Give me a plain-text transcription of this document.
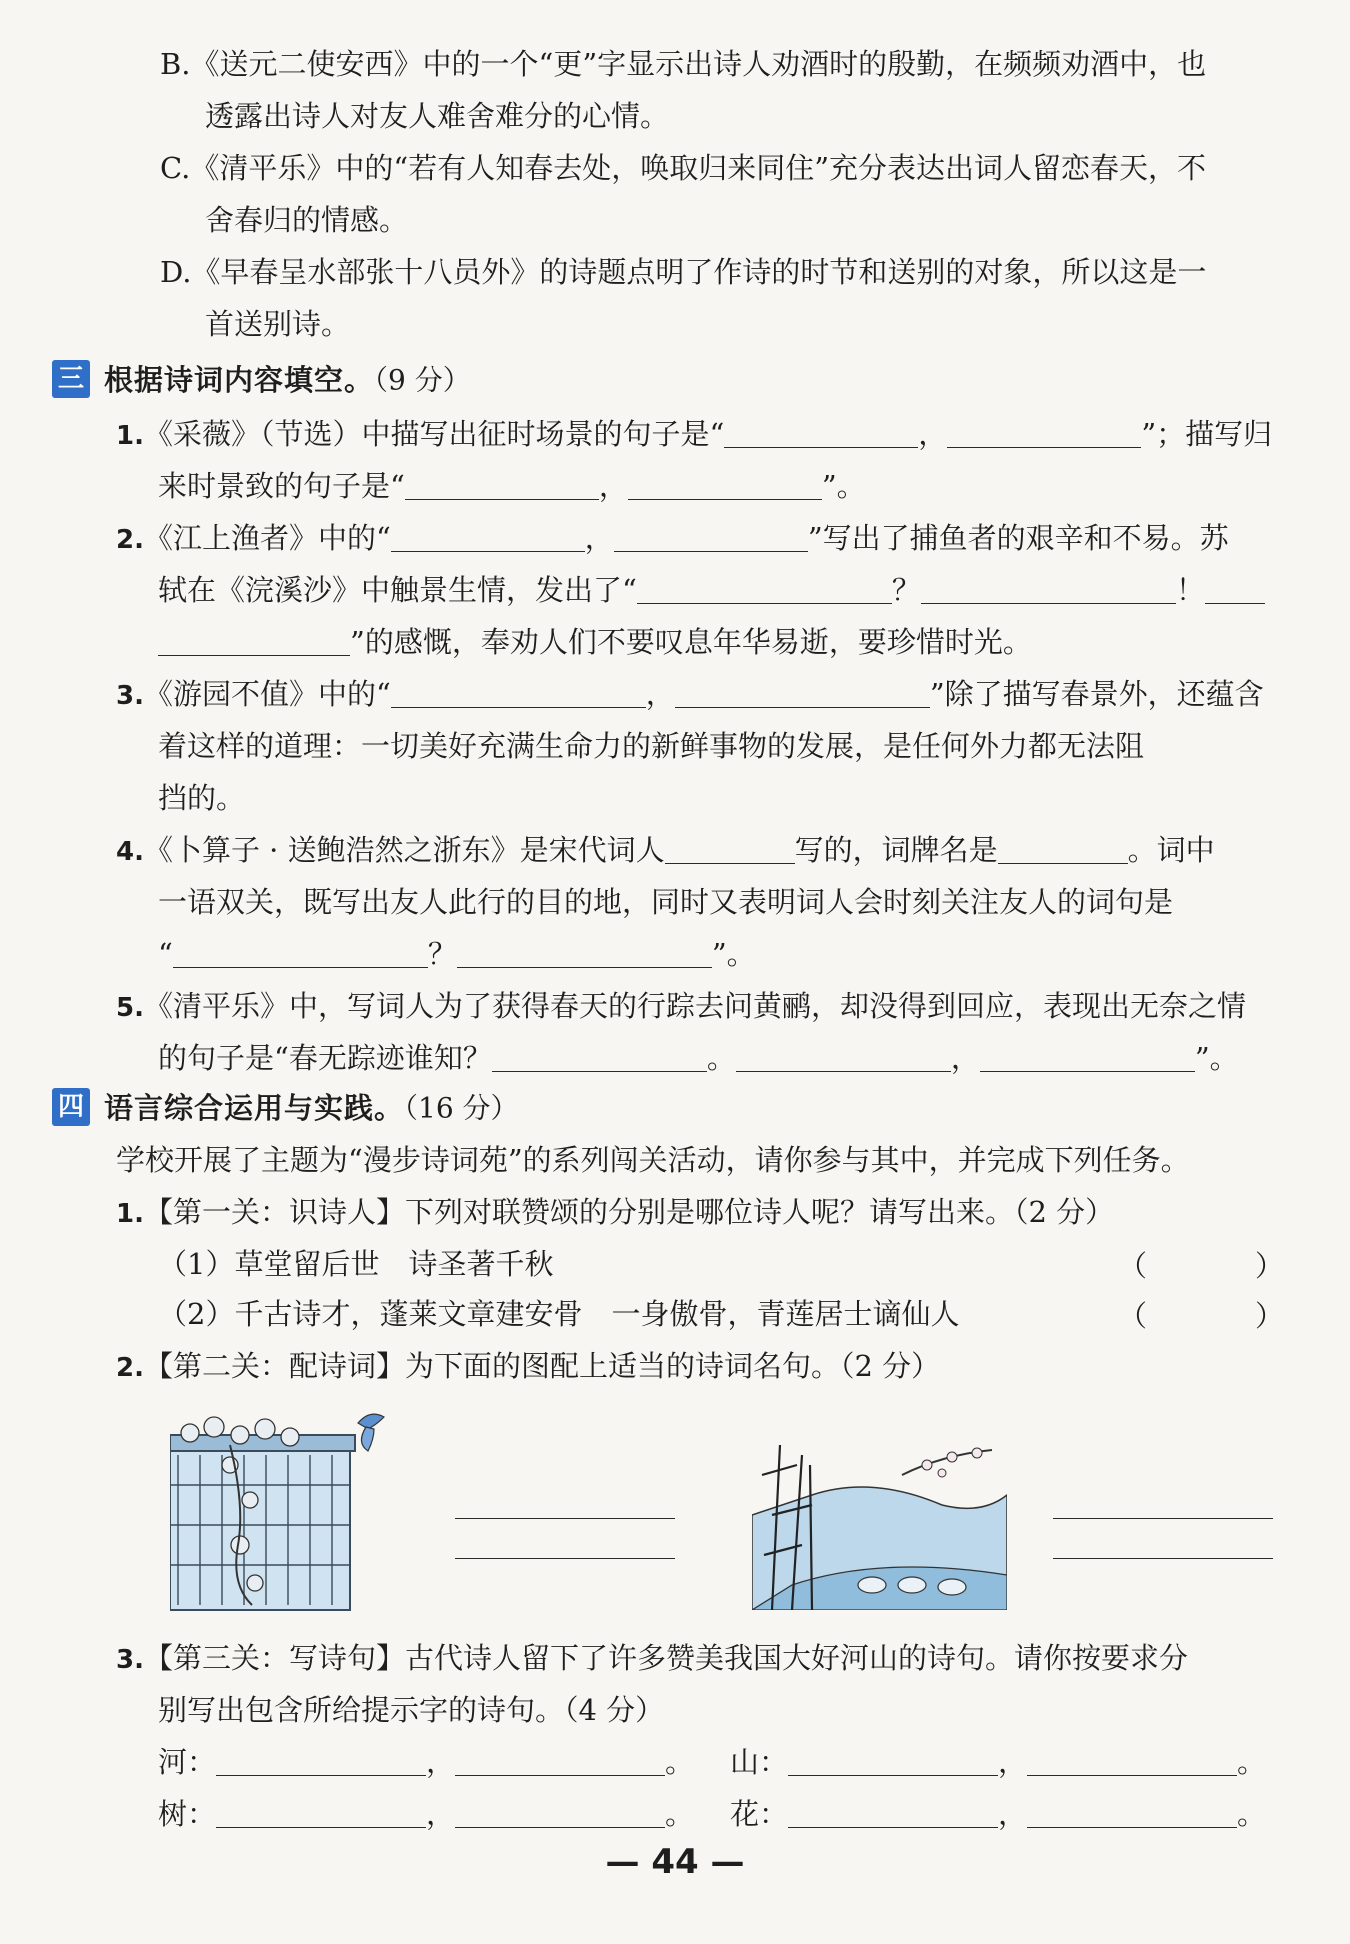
B.《送元二使安西》中的一个“更”字显示出诗人劝酒时的殷勤，在频频劝酒中，也
透露出诗人对友人难舍难分的心情。
C.《清平乐》中的“若有人知春去处，唤取归来同住”充分表达出词人留恋春天，不
舍春归的情感。
D.《早春呈水部张十八员外》的诗题点明了作诗的时节和送别的对象，所以这是一
首送别诗。
三 根据诗词内容填空。（9 分）
1.《采薇》（节选）中描写出征时场景的句子是“	，	”；描写归
来时景致的句子是“	，	”。
2.《江上渔者》中的“	，	”写出了捕鱼者的艰辛和不易。苏
轼在《浣溪沙》中触景生情，发出了“	？	！
”的感慨，奉劝人们不要叹息年华易逝，要珍惜时光。
3.《游园不值》中的“	，	”除了描写春景外，还蕴含
着这样的道理：一切美好充满生命力的新鲜事物的发展，是任何外力都无法阻
挡的。
4.《卜算子 · 送鲍浩然之浙东》是宋代词人	写的，词牌名是	。词中
一语双关，既写出友人此行的目的地，同时又表明词人会时刻关注友人的词句是
“	？	”。
5.《清平乐》中，写词人为了获得春天的行踪去问黄鹂，却没得到回应，表现出无奈之情
的句子是“春无踪迹谁知？	。	，	”。
四 语言综合运用与实践。（16 分）
学校开展了主题为“漫步诗词苑”的系列闯关活动，请你参与其中，并完成下列任务。
1.【第一关：识诗人】下列对联赞颂的分别是哪位诗人呢？请写出来。（2 分）
（1）草堂留后世　诗圣著千秋	（	）
（2）千古诗才，蓬莱文章建安骨　一身傲骨，青莲居士谪仙人	（	）
2.【第二关：配诗词】为下面的图配上适当的诗词名句。（2 分）
3.【第三关：写诗句】古代诗人留下了许多赞美我国大好河山的诗句。请你按要求分
别写出包含所给提示字的诗句。（4 分）
河：	，	。 山：	，	。
树：	，	。 花：	，	。
— 44 —
